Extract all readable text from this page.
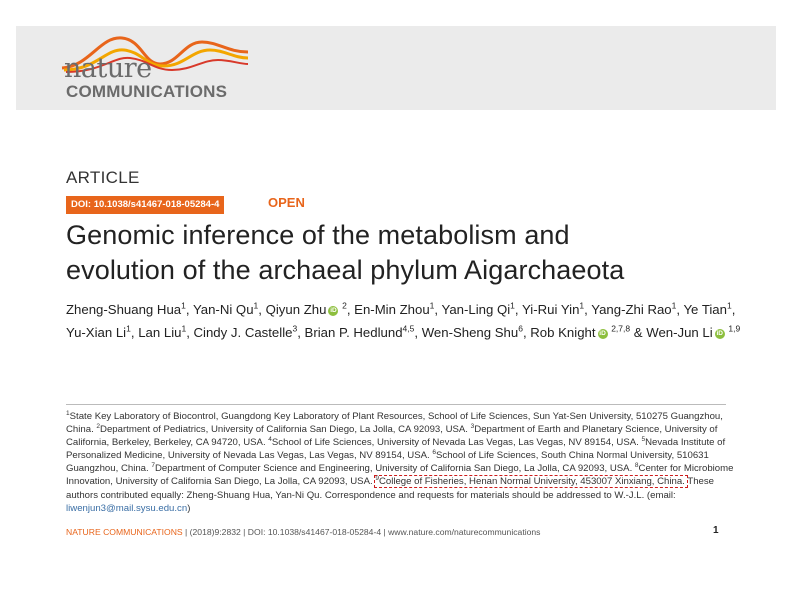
nature
COMMUNICATIONS
ARTICLE
DOI: 10.1038/s41467-018-05284-4	OPEN
Genomic inference of the metabolism and
evolution of the archaeal phylum Aigarchaeota
Zheng-Shuang Hua$^1$, Yan-Ni Qu$^1$, Qiyun Zhu iD $^2$, En-Min Zhou$^1$, Yan-Ling Qi$^1$, Yi-Rui Yin$^1$, Yang-Zhi Rao$^1$, Ye Tian$^1$, Yu-Xian Li$^1$, Lan Liu$^1$, Cindy J. Castelle$^3$, Brian P. Hedlund$^{4,5}$, Wen-Sheng Shu$^6$, Rob Knight iD $^{2,7,8}$ & Wen-Jun Li iD $^{1,9}$
$^1$State Key Laboratory of Biocontrol, Guangdong Key Laboratory of Plant Resources, School of Life Sciences, Sun Yat-Sen University, 510275 Guangzhou, China. $^2$Department of Pediatrics, University of California San Diego, La Jolla, CA 92093, USA. $^3$Department of Earth and Planetary Science, University of California, Berkeley, Berkeley, CA 94720, USA. $^4$School of Life Sciences, University of Nevada Las Vegas, Las Vegas, NV 89154, USA. $^5$Nevada Institute of Personalized Medicine, University of Nevada Las Vegas, Las Vegas, NV 89154, USA. $^6$School of Life Sciences, South China Normal University, 510631 Guangzhou, China. $^7$Department of Computer Science and Engineering, University of California San Diego, La Jolla, CA 92093, USA. $^8$Center for Microbiome Innovation, University of California San Diego, La Jolla, CA 92093, USA. $^9$College of Fisheries, Henan Normal University, 453007 Xinxiang, China. These authors contributed equally: Zheng-Shuang Hua, Yan-Ni Qu. Correspondence and requests for materials should be addressed to W.-J.L. (email: liwenjun3@mail.sysu.edu.cn)
NATURE COMMUNICATIONS | (2018)9:2832 | DOI: 10.1038/s41467-018-05284-4 | www.nature.com/naturecommunications	1
